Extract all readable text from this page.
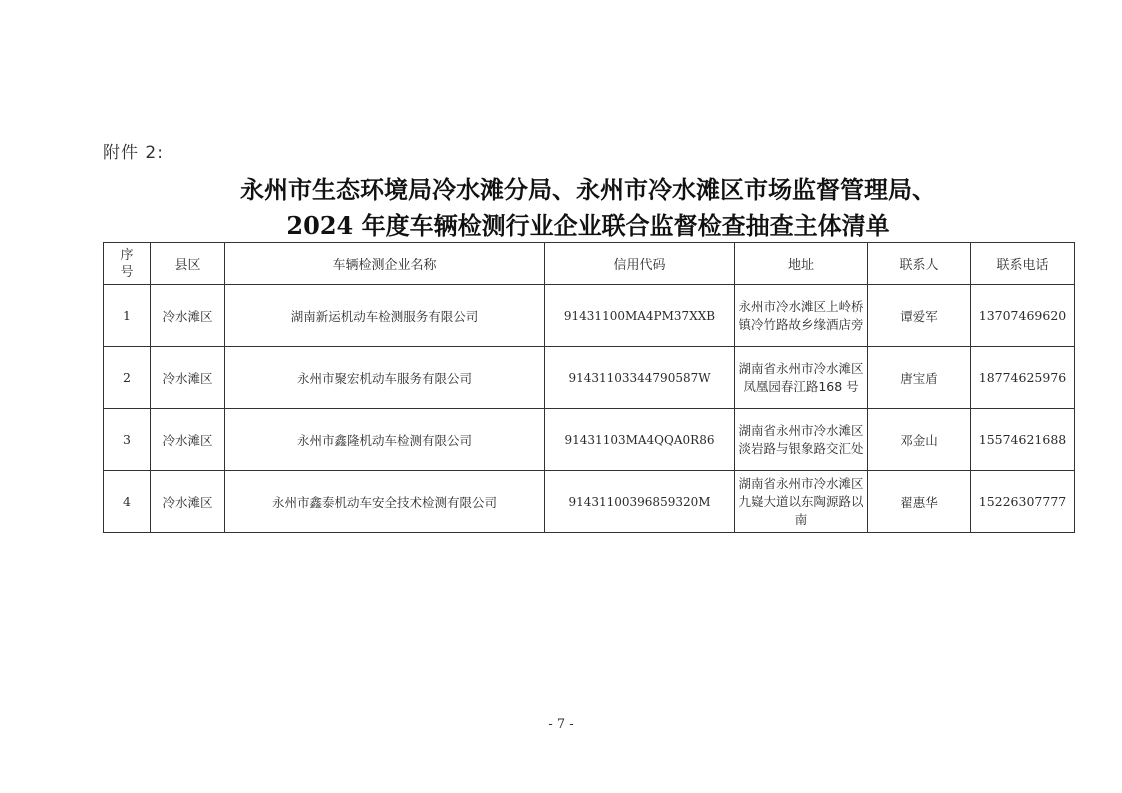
附件 2:
永州市生态环境局冷水滩分局、永州市冷水滩区市场监督管理局、
2024 年度车辆检测行业企业联合监督检查抽查主体清单
序号	县区	车辆检测企业名称	信用代码	地址	联系人	联系电话
1	冷水滩区	湖南新运机动车检测服务有限公司	91431100MA4PM37XXB	永州市冷水滩区上岭桥镇冷竹路故乡缘酒店旁	谭爱军	13707469620
2	冷水滩区	永州市聚宏机动车服务有限公司	91431103344790587W	湖南省永州市冷水滩区凤凰园春江路168 号	唐宝盾	18774625976
3	冷水滩区	永州市鑫隆机动车检测有限公司	91431103MA4QQA0R86	湖南省永州市冷水滩区淡岩路与银象路交汇处	邓金山	15574621688
4	冷水滩区	永州市鑫泰机动车安全技术检测有限公司	91431100396859320M	湖南省永州市冷水滩区九嶷大道以东陶源路以南	翟惠华	15226307777
- 7 -
